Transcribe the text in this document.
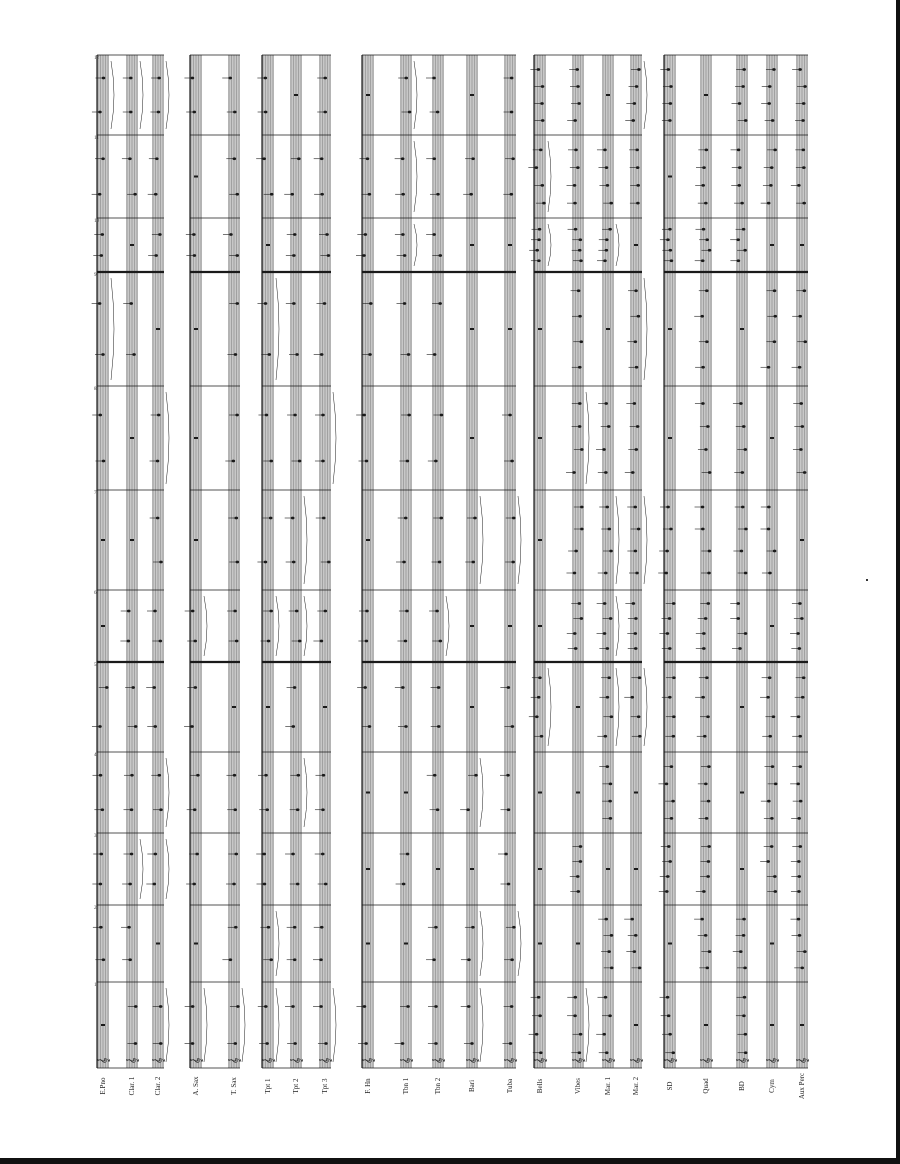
𝄞 𝄞 𝄞 𝄞 𝄞 𝄞 𝄞 𝄞	𝄞 𝄞 𝄞 𝄞 𝄞 𝄞 𝄞 𝄞 𝄞 𝄞 𝄞 𝄞 𝄞 𝄞
12
11
10
9
8
7
6
5
4
3
2
1
E.Pno	Clar. 1	Clar. 2	A. Sax	T. Sax	Tpt 1	Tpt 2	Tpt 3	F. Hn	Tbn 1	Tbn 2	Bari	Tuba	Bells	Vibes	Mar. 1	Mar. 2	SD	Quad	BD	Cym	Aux Perc
